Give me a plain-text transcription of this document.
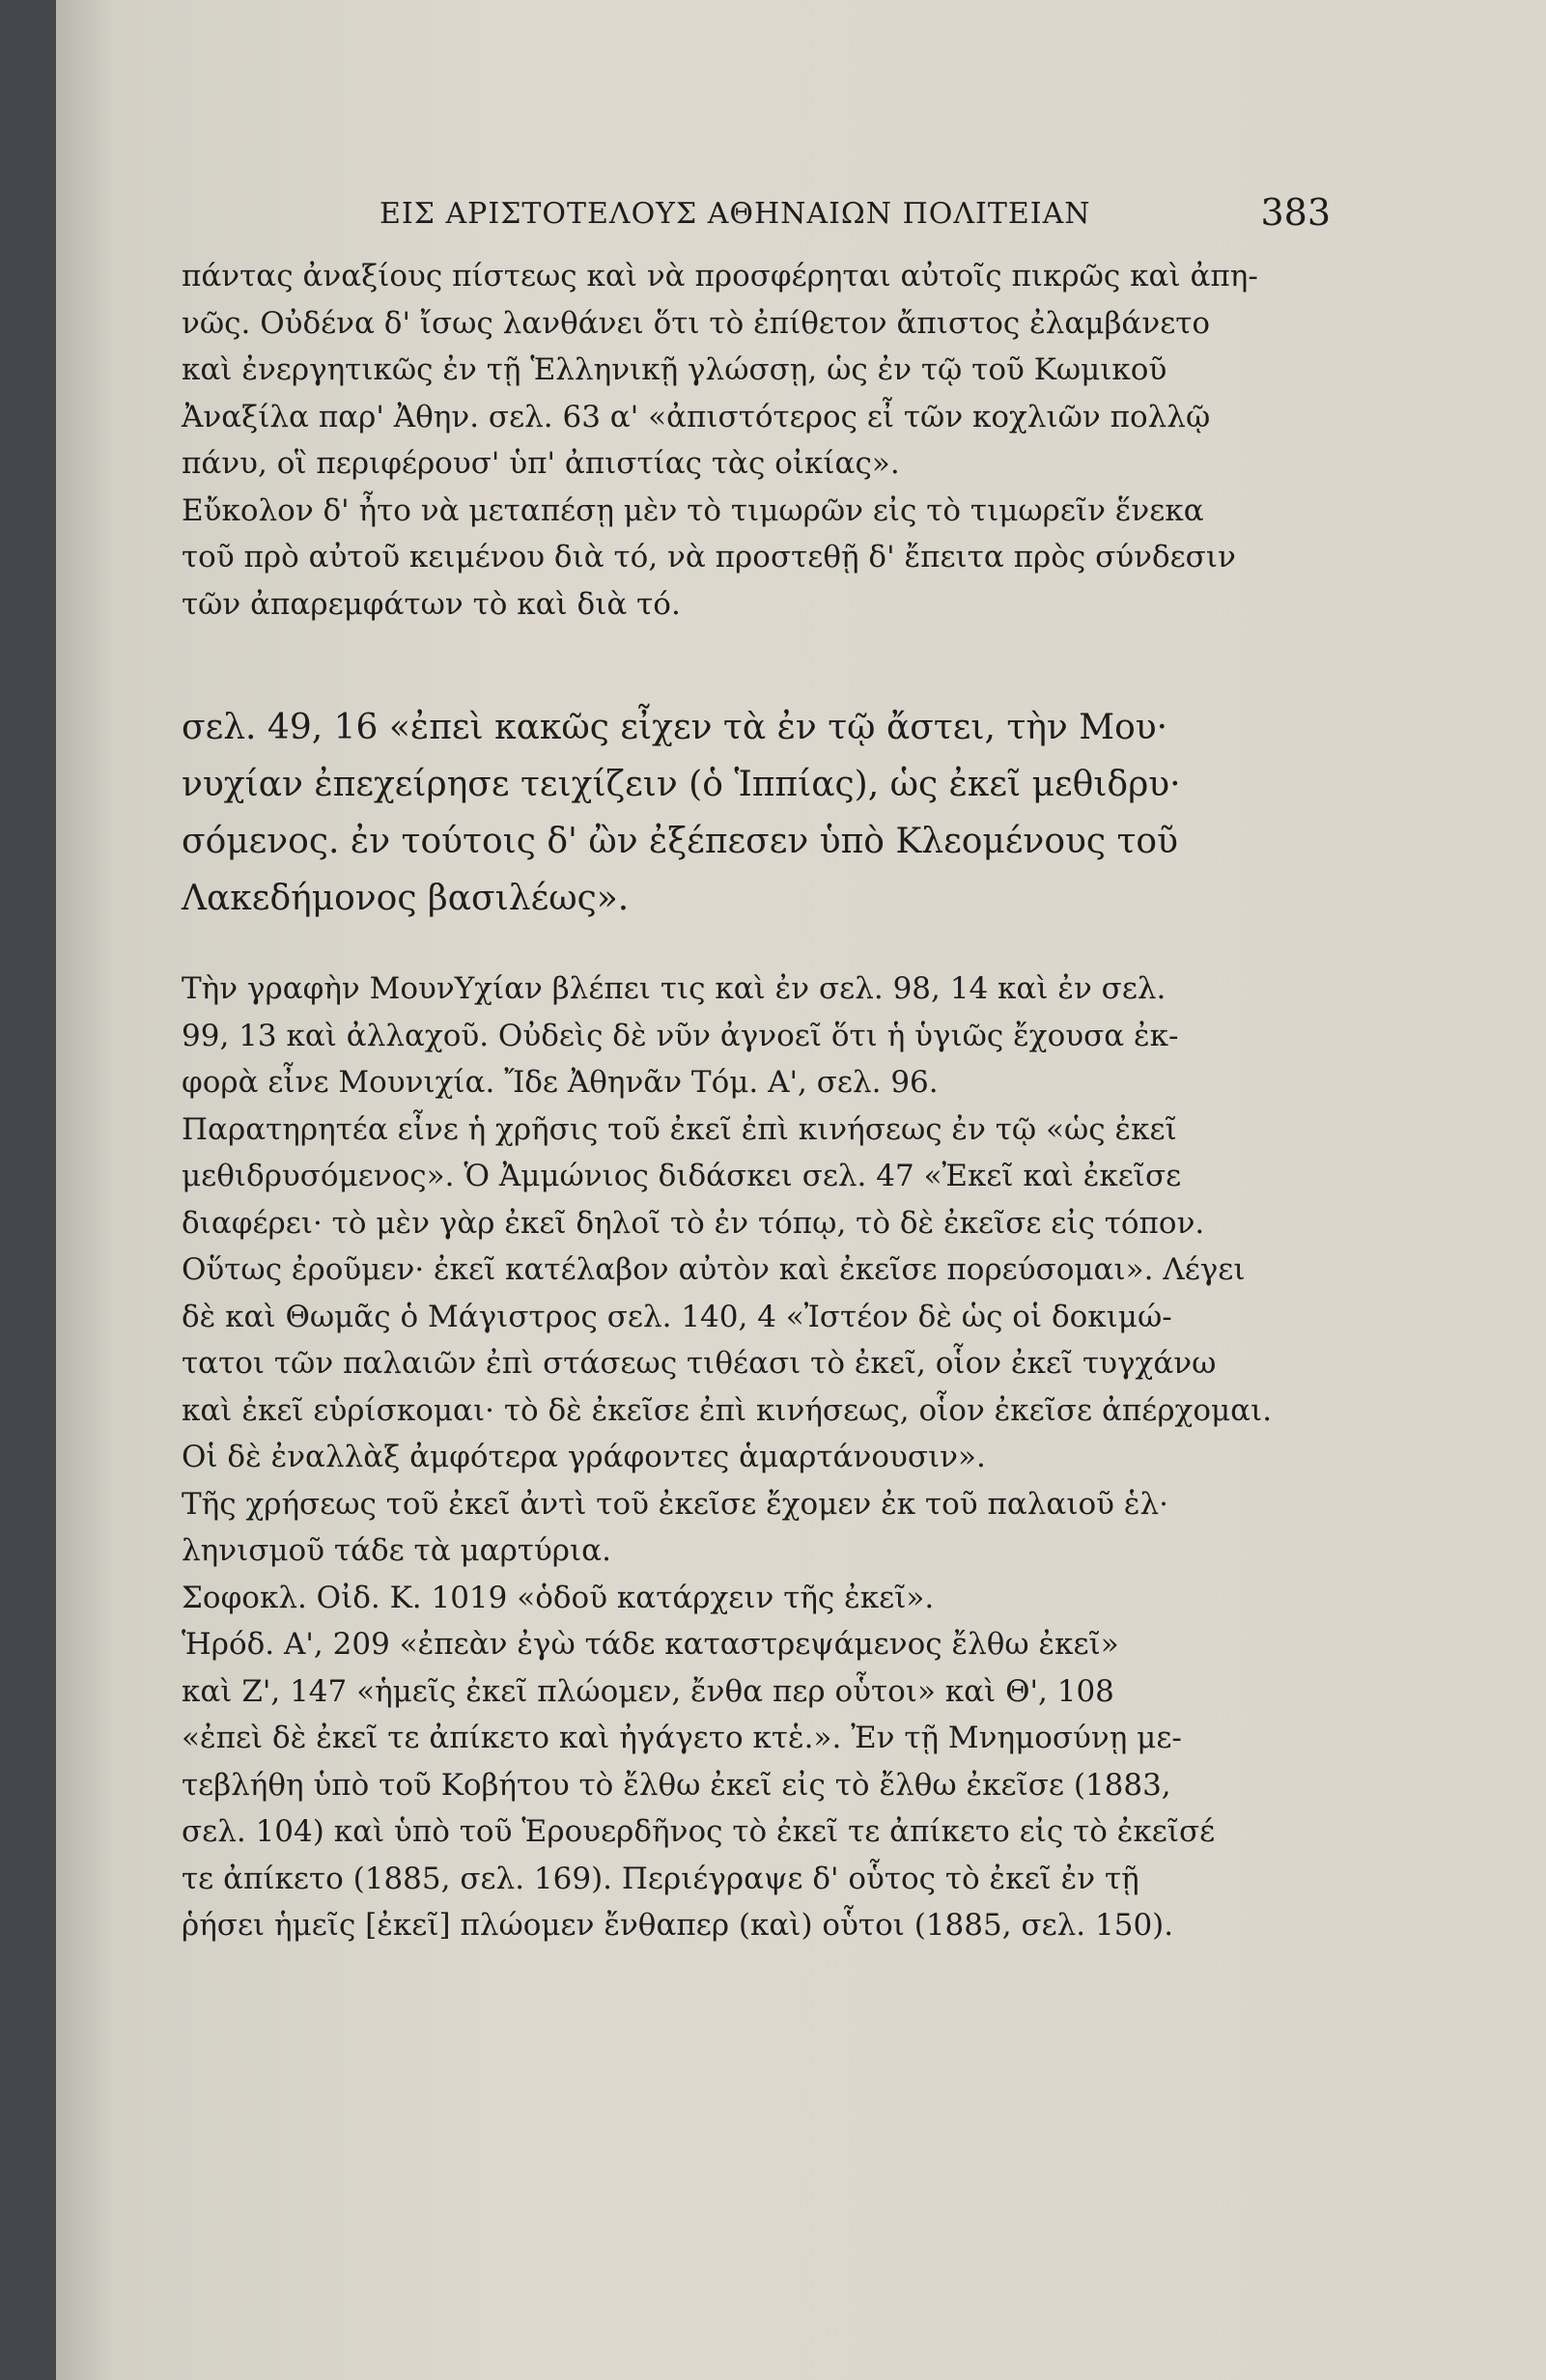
ΕΙΣ ΑΡΙΣΤΟΤΕΛΟΥΣ ΑΘΗΝΑΙΩΝ ΠΟΛΙΤΕΙΑΝ	383
πάντας ἀναξίους πίστεως καὶ νὰ προσφέρηται αὐτοῖς πικρῶς καὶ ἀπη-
νῶς. Οὐδένα δ' ἴσως λανθάνει ὅτι τὸ ἐπίθετον ἄπιστος ἐλαμβάνετο
καὶ ἐνεργητικῶς ἐν τῇ Ἑλληνικῇ γλώσσῃ, ὡς ἐν τῷ τοῦ Κωμικοῦ
Ἀναξίλα παρ' Ἀθην. σελ. 63 α' «ἀπιστότερος εἶ τῶν κοχλιῶν πολλῷ
πάνυ, οἳ περιφέρουσ' ὑπ' ἀπιστίας τὰς οἰκίας».
Εὔκολον δ' ἦτο νὰ μεταπέσῃ μὲν τὸ τιμωρῶν εἰς τὸ τιμωρεῖν ἕνεκα
τοῦ πρὸ αὐτοῦ κειμένου διὰ τό, νὰ προστεθῇ δ' ἔπειτα πρὸς σύνδεσιν
τῶν ἀπαρεμφάτων τὸ καὶ διὰ τό.
σελ. 49, 16 «ἐπεὶ κακῶς εἶχεν τὰ ἐν τῷ ἄστει, τὴν Μου·
νυχίαν ἐπεχείρησε τειχίζειν (ὁ Ἱππίας), ὡς ἐκεῖ μεθιδρυ·
σόμενος. ἐν τούτοις δ' ὢν ἐξέπεσεν ὑπὸ Κλεομένους τοῦ
Λακεδήμονος βασιλέως».
Τὴν γραφὴν ΜουνΥχίαν βλέπει τις καὶ ἐν σελ. 98, 14 καὶ ἐν σελ.
99, 13 καὶ ἀλλαχοῦ. Οὐδεὶς δὲ νῦν ἀγνοεῖ ὅτι ἡ ὑγιῶς ἔχουσα ἐκ-
φορὰ εἶνε Μουνιχία. Ἴδε Ἀθηνᾶν Τόμ. Α', σελ. 96.
Παρατηρητέα εἶνε ἡ χρῆσις τοῦ ἐκεῖ ἐπὶ κινήσεως ἐν τῷ «ὡς ἐκεῖ
μεθιδρυσόμενος». Ὁ Ἀμμώνιος διδάσκει σελ. 47 «Ἐκεῖ καὶ ἐκεῖσε
διαφέρει· τὸ μὲν γὰρ ἐκεῖ δηλοῖ τὸ ἐν τόπῳ, τὸ δὲ ἐκεῖσε εἰς τόπον.
Οὕτως ἐροῦμεν· ἐκεῖ κατέλαβον αὐτὸν καὶ ἐκεῖσε πορεύσομαι». Λέγει
δὲ καὶ Θωμᾶς ὁ Μάγιστρος σελ. 140, 4 «Ἰστέον δὲ ὡς οἱ δοκιμώ-
τατοι τῶν παλαιῶν ἐπὶ στάσεως τιθέασι τὸ ἐκεῖ, οἷον ἐκεῖ τυγχάνω
καὶ ἐκεῖ εὑρίσκομαι· τὸ δὲ ἐκεῖσε ἐπὶ κινήσεως, οἷον ἐκεῖσε ἀπέρχομαι.
Οἱ δὲ ἐναλλὰξ ἀμφότερα γράφοντες ἁμαρτάνουσιν».
Τῆς χρήσεως τοῦ ἐκεῖ ἀντὶ τοῦ ἐκεῖσε ἔχομεν ἐκ τοῦ παλαιοῦ ἑλ·
ληνισμοῦ τάδε τὰ μαρτύρια.
Σοφοκλ. Οἰδ. Κ. 1019 «ὁδοῦ κατάρχειν τῆς ἐκεῖ».
Ἡρόδ. Α', 209 «ἐπεὰν ἐγὼ τάδε καταστρεψάμενος ἔλθω ἐκεῖ»
καὶ Ζ', 147 «ἡμεῖς ἐκεῖ πλώομεν, ἔνθα περ οὗτοι» καὶ Θ', 108
«ἐπεὶ δὲ ἐκεῖ τε ἀπίκετο καὶ ἠγάγετο κτἑ.». Ἐν τῇ Μνημοσύνῃ με-
τεβλήθη ὑπὸ τοῦ Κοβήτου τὸ ἔλθω ἐκεῖ εἰς τὸ ἔλθω ἐκεῖσε (1883,
σελ. 104) καὶ ὑπὸ τοῦ Ἑρουερδῆνος τὸ ἐκεῖ τε ἀπίκετο εἰς τὸ ἐκεῖσέ
τε ἀπίκετο (1885, σελ. 169). Περιέγραψε δ' οὗτος τὸ ἐκεῖ ἐν τῇ
ῥήσει ἡμεῖς [ἐκεῖ] πλώομεν ἔνθαπερ (καὶ) οὗτοι (1885, σελ. 150).
